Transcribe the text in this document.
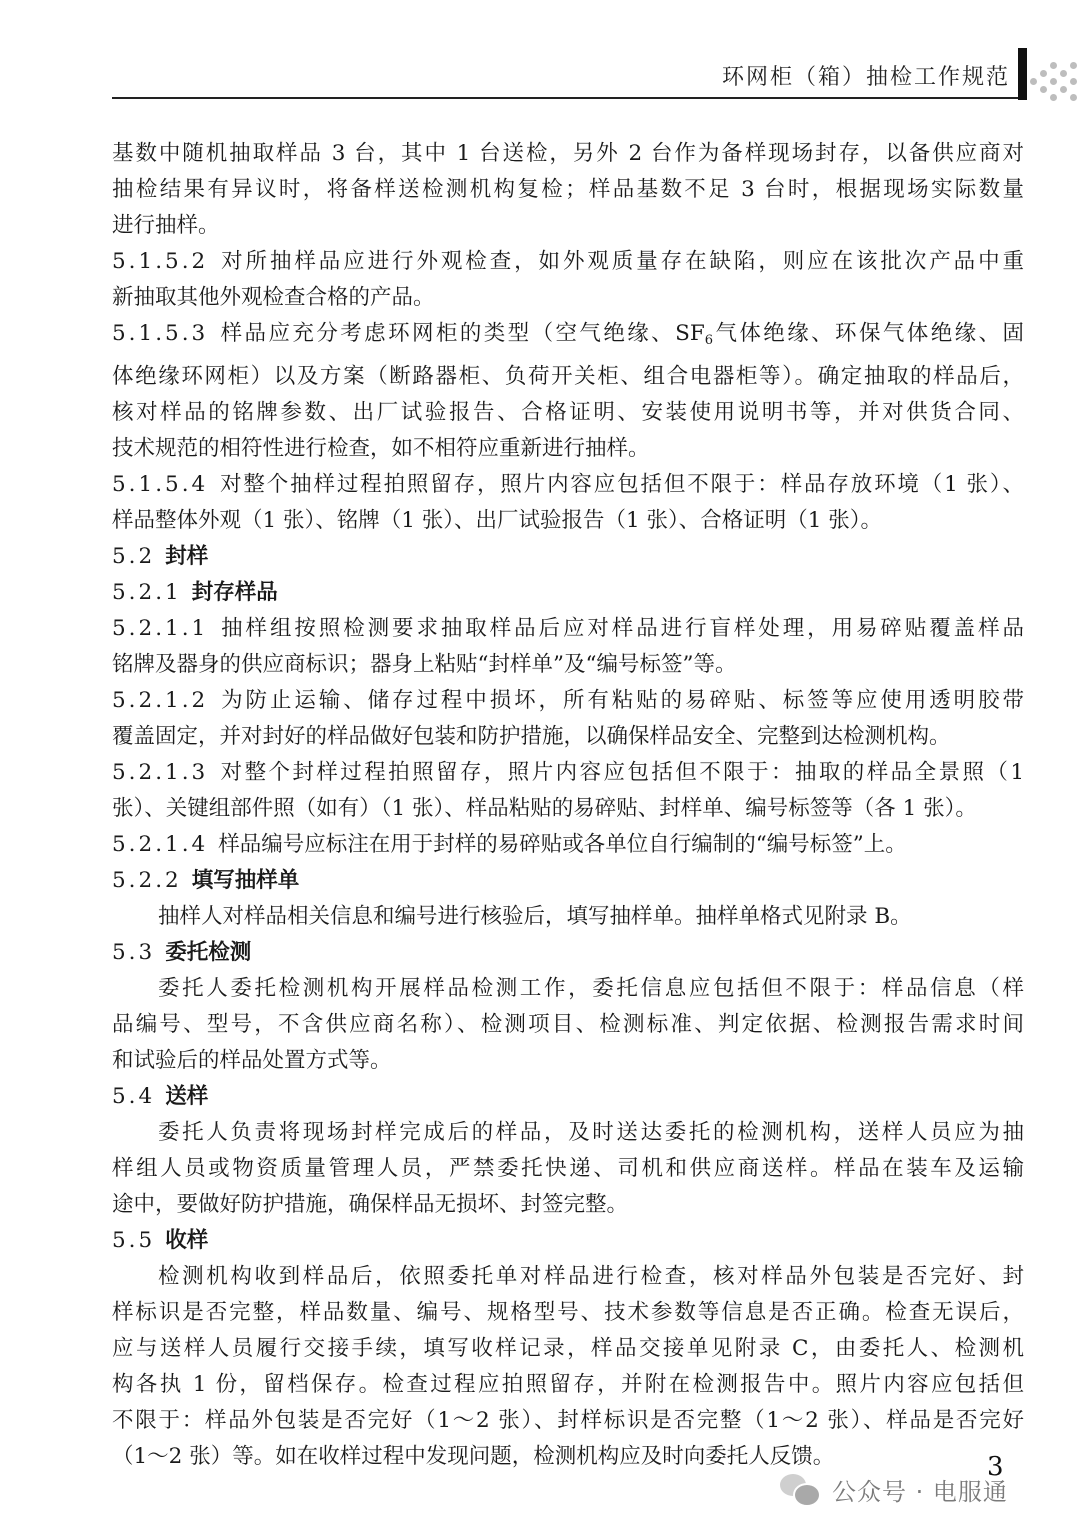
环网柜（箱）抽检工作规范

基数中随机抽取样品 3 台，其中 1 台送检，另外 2 台作为备样现场封存，以备供应商对

抽检结果有异议时，将备样送检测机构复检；样品基数不足 3 台时，根据现场实际数量

进行抽样。

5.1.5.2 对所抽样品应进行外观检查，如外观质量存在缺陷，则应在该批次产品中重

新抽取其他外观检查合格的产品。

5.1.5.3 样品应充分考虑环网柜的类型（空气绝缘、$SF_6$气体绝缘、环保气体绝缘、固

体绝缘环网柜）以及方案（断路器柜、负荷开关柜、组合电器柜等）。确定抽取的样品后，

核对样品的铭牌参数、出厂试验报告、合格证明、安装使用说明书等，并对供货合同、

技术规范的相符性进行检查，如不相符应重新进行抽样。

5.1.5.4 对整个抽样过程拍照留存，照片内容应包括但不限于：样品存放环境（1 张）、

样品整体外观（1 张）、铭牌（1 张）、出厂试验报告（1 张）、合格证明（1 张）。

5.2 封样
5.2.1 封存样品

5.2.1.1 抽样组按照检测要求抽取样品后应对样品进行盲样处理，用易碎贴覆盖样品

铭牌及器身的供应商标识；器身上粘贴“封样单”及“编号标签”等。

5.2.1.2 为防止运输、储存过程中损坏，所有粘贴的易碎贴、标签等应使用透明胶带

覆盖固定，并对封好的样品做好包装和防护措施，以确保样品安全、完整到达检测机构。

5.2.1.3 对整个封样过程拍照留存，照片内容应包括但不限于：抽取的样品全景照（1

张）、关键组部件照（如有）（1 张）、样品粘贴的易碎贴、封样单、编号标签等（各 1 张）。

5.2.1.4 样品编号应标注在用于封样的易碎贴或各单位自行编制的“编号标签”上。

5.2.2 填写抽样单

抽样人对样品相关信息和编号进行核验后，填写抽样单。抽样单格式见附录 B。

5.3 委托检测

委托人委托检测机构开展样品检测工作，委托信息应包括但不限于：样品信息（样

品编号、型号，不含供应商名称）、检测项目、检测标准、判定依据、检测报告需求时间

和试验后的样品处置方式等。

5.4 送样

委托人负责将现场封样完成后的样品，及时送达委托的检测机构，送样人员应为抽

样组人员或物资质量管理人员，严禁委托快递、司机和供应商送样。样品在装车及运输

途中，要做好防护措施，确保样品无损坏、封签完整。

5.5 收样

检测机构收到样品后，依照委托单对样品进行检查，核对样品外包装是否完好、封

样标识是否完整，样品数量、编号、规格型号、技术参数等信息是否正确。检查无误后，

应与送样人员履行交接手续，填写收样记录，样品交接单见附录 C，由委托人、检测机

构各执 1 份，留档保存。检查过程应拍照留存，并附在检测报告中。照片内容应包括但

不限于：样品外包装是否完好（1～2 张）、封样标识是否完整（1～2 张）、样品是否完好

（1～2 张）等。如在收样过程中发现问题，检测机构应及时向委托人反馈。

公众号 · 电服通
3
